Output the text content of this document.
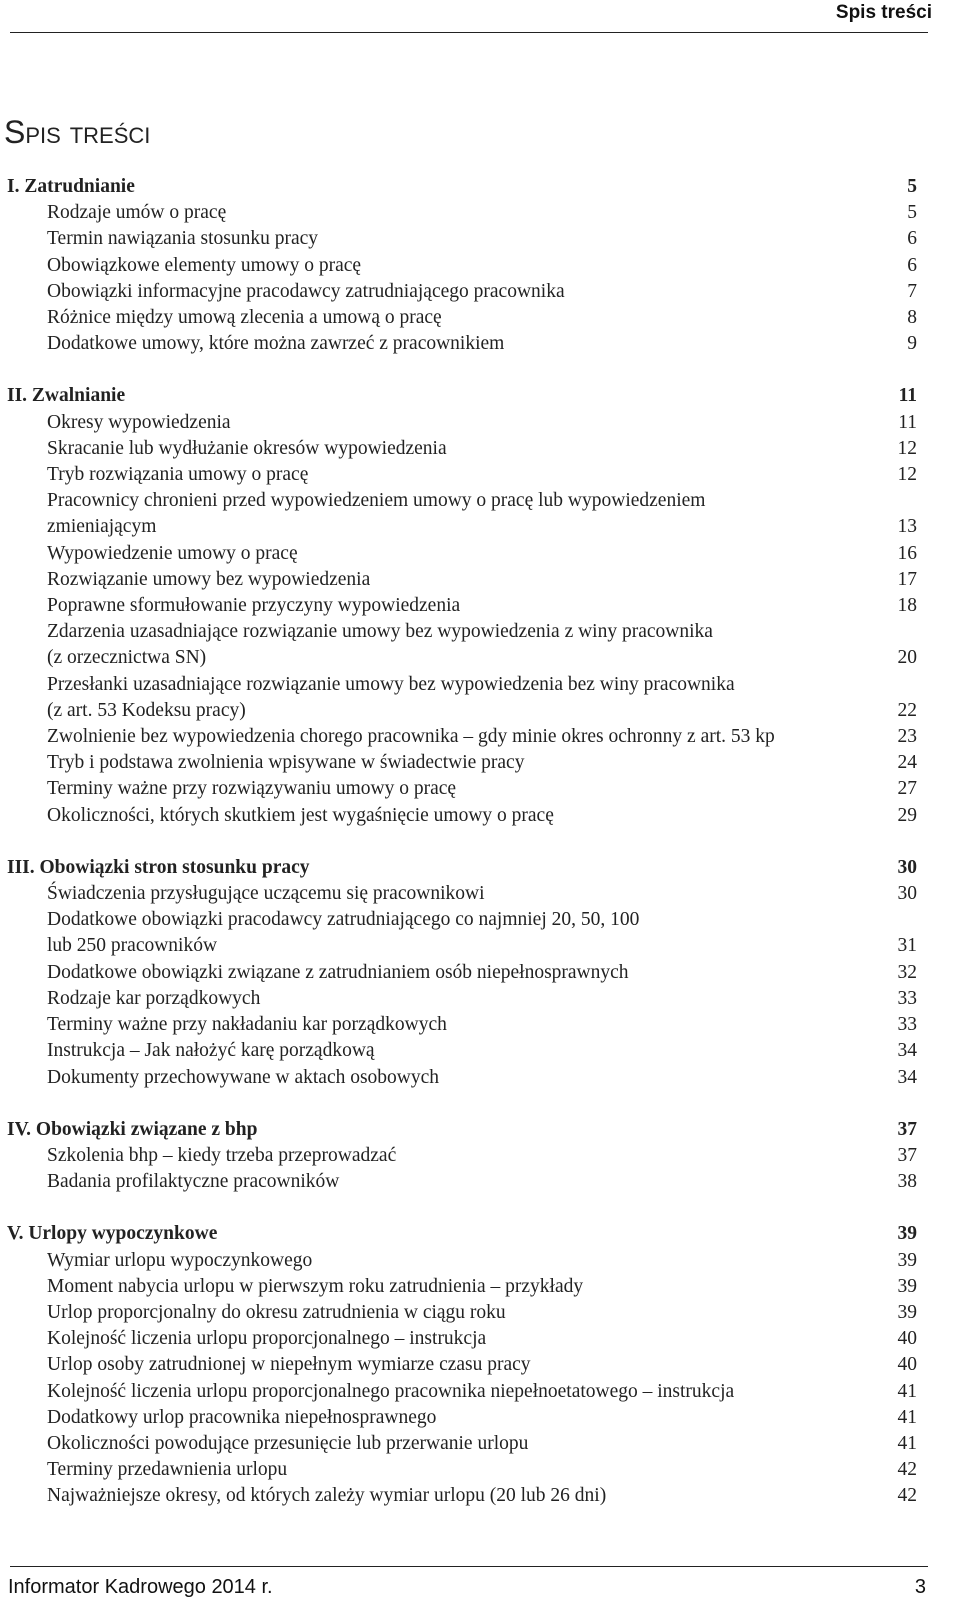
Spis treści
Spis treści
I. Zatrudnianie	5
Rodzaje umów o pracę	5
Termin nawiązania stosunku pracy	6
Obowiązkowe elementy umowy o pracę	6
Obowiązki informacyjne pracodawcy zatrudniającego pracownika	7
Różnice między umową zlecenia a umową o pracę	8
Dodatkowe umowy, które można zawrzeć z pracownikiem	9
II. Zwalnianie	11
Okresy wypowiedzenia	11
Skracanie lub wydłużanie okresów wypowiedzenia	12
Tryb rozwiązania umowy o pracę	12
Pracownicy chronieni przed wypowiedzeniem umowy o pracę lub wypowiedzeniem
zmieniającym	13
Wypowiedzenie umowy o pracę	16
Rozwiązanie umowy bez wypowiedzenia	17
Poprawne sformułowanie przyczyny wypowiedzenia	18
Zdarzenia uzasadniające rozwiązanie umowy bez wypowiedzenia z winy pracownika
(z orzecznictwa SN)	20
Przesłanki uzasadniające rozwiązanie umowy bez wypowiedzenia bez winy pracownika
(z art. 53 Kodeksu pracy)	22
Zwolnienie bez wypowiedzenia chorego pracownika – gdy minie okres ochronny z art. 53 kp	23
Tryb i podstawa zwolnienia wpisywane w świadectwie pracy	24
Terminy ważne przy rozwiązywaniu umowy o pracę	27
Okoliczności, których skutkiem jest wygaśnięcie umowy o pracę	29
III. Obowiązki stron stosunku pracy	30
Świadczenia przysługujące uczącemu się pracownikowi	30
Dodatkowe obowiązki pracodawcy zatrudniającego co najmniej 20, 50, 100
lub 250 pracowników	31
Dodatkowe obowiązki związane z zatrudnianiem osób niepełnosprawnych	32
Rodzaje kar porządkowych	33
Terminy ważne przy nakładaniu kar porządkowych	33
Instrukcja – Jak nałożyć karę porządkową	34
Dokumenty przechowywane w aktach osobowych	34
IV. Obowiązki związane z bhp	37
Szkolenia bhp – kiedy trzeba przeprowadzać	37
Badania profilaktyczne pracowników	38
V. Urlopy wypoczynkowe	39
Wymiar urlopu wypoczynkowego	39
Moment nabycia urlopu w pierwszym roku zatrudnienia – przykłady	39
Urlop proporcjonalny do okresu zatrudnienia w ciągu roku	39
Kolejność liczenia urlopu proporcjonalnego – instrukcja	40
Urlop osoby zatrudnionej w niepełnym wymiarze czasu pracy	40
Kolejność liczenia urlopu proporcjonalnego pracownika niepełnoetatowego – instrukcja	41
Dodatkowy urlop pracownika niepełnosprawnego	41
Okoliczności powodujące przesunięcie lub przerwanie urlopu	41
Terminy przedawnienia urlopu	42
Najważniejsze okresy, od których zależy wymiar urlopu (20 lub 26 dni)	42
Informator Kadrowego 2014 r.	3
